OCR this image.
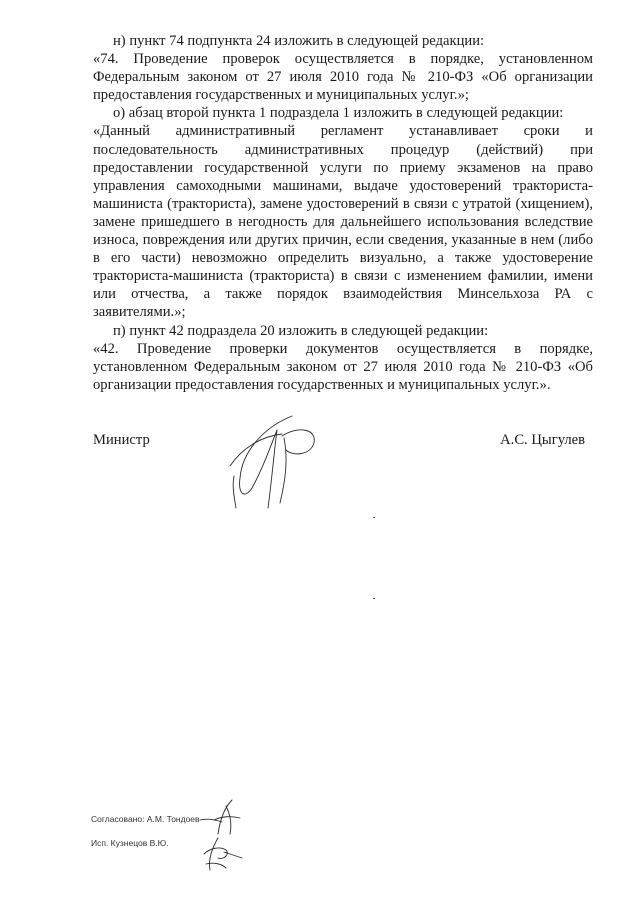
н) пункт 74 подпункта 24 изложить в следующей редакции:

«74. Проведение проверок осуществляется в порядке, установленном Федеральным законом от 27 июля 2010 года № 210-ФЗ «Об организации предоставления государственных и муниципальных услуг.»;

о) абзац второй пункта 1 подраздела 1 изложить в следующей редакции:

«Данный административный регламент устанавливает сроки и последовательность административных процедур (действий) при предоставлении государственной услуги по приему экзаменов на право управления самоходными машинами, выдаче удостоверений тракториста-машиниста (тракториста), замене удостоверений в связи с утратой (хищением), замене пришедшего в негодность для дальнейшего использования вследствие износа, повреждения или других причин, если сведения, указанные в нем (либо в его части) невозможно определить визуально, а также удостоверение тракториста-машиниста (тракториста) в связи с изменением фамилии, имени или отчества, а также порядок взаимодействия Минсельхоза РА с заявителями.»;

п) пункт 42 подраздела 20 изложить в следующей редакции:

«42. Проведение проверки документов осуществляется в порядке, установленном Федеральным законом от 27 июля 2010 года № 210-ФЗ «Об организации предоставления государственных и муниципальных услуг.».

Министр	А.С. Цыгулев
Согласовано: А.М. Тондоев
Исп. Кузнецов В.Ю.
